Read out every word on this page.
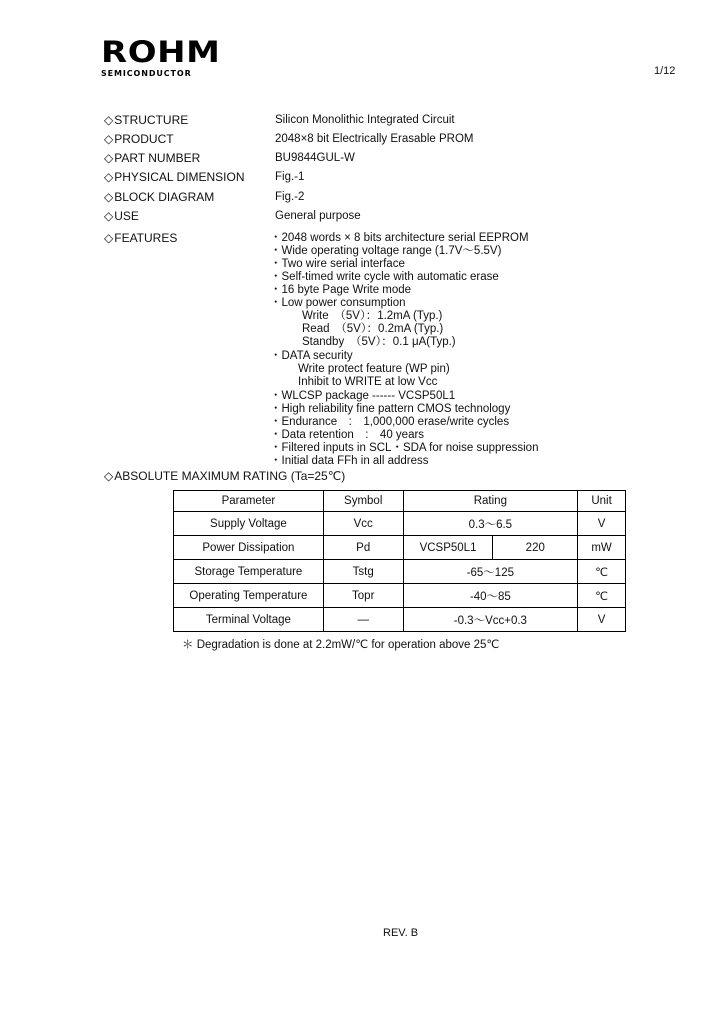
ROHM
SEMICONDUCTOR	1/12
◇STRUCTURE	Silicon Monolithic Integrated Circuit
◇PRODUCT	2048×8 bit Electrically Erasable PROM
◇PART NUMBER	BU9844GUL-W
◇PHYSICAL DIMENSION	Fig.-1
◇BLOCK DIAGRAM	Fig.-2
◇USE	General purpose
◇FEATURES	・2048 words × 8 bits architecture serial EEPROM
・Wide operating voltage range (1.7V～5.5V)
・Two wire serial interface
・Self-timed write cycle with automatic erase
・16 byte Page Write mode
・Low power consumption
Write　（5V）：1.2mA (Typ.)
Read　（5V）：0.2mA (Typ.)
Standby　（5V）：0.1 μA(Typ.)
・DATA security
Write protect feature (WP pin)
Inhibit to WRITE at low Vcc
・WLCSP package ------ VCSP50L1
・High reliability fine pattern CMOS technology
・Endurance　:　1,000,000 erase/write cycles
・Data retention　:　40 years
・Filtered inputs in SCL・SDA for noise suppression
・Initial data FFh in all address
◇ABSOLUTE MAXIMUM RATING (Ta=25℃)
Parameter	Symbol	Rating		Unit
Supply Voltage	Vcc	0.3～6.5		V
Power Dissipation	Pd	VCSP50L1	220	mW
Storage Temperature	Tstg	-65～125		℃
Operating Temperature	Topr	-40～85		℃
Terminal Voltage	―	-0.3～Vcc+0.3		V
＊ Degradation is done at 2.2mW/℃ for operation above 25℃
REV. B
